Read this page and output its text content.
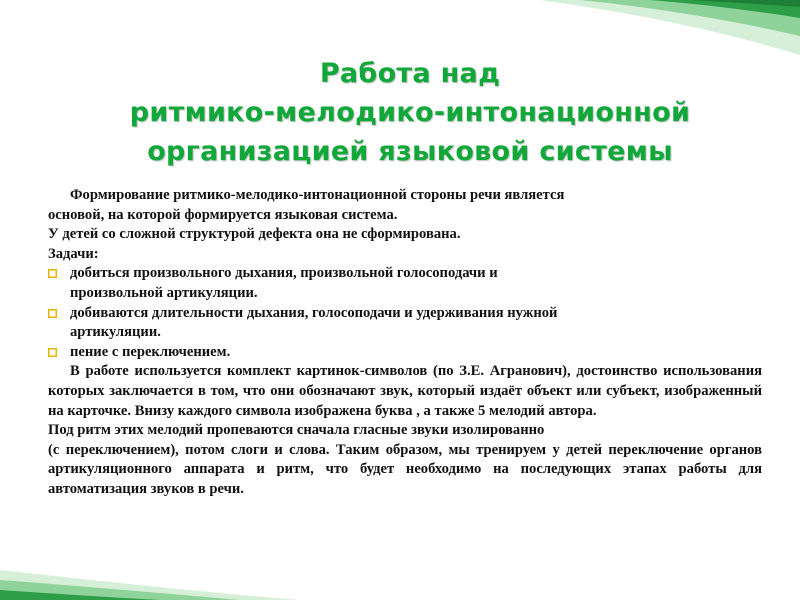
Работа над
ритмико-мелодико-интонационной
организацией языковой системы

Формирование ритмико-мелодико-интонационной стороны речи является

основой, на которой формируется языковая система.

У детей со сложной структурой дефекта она не сформирована.

Задачи:

добиться произвольного дыхания, произвольной голосоподачи и
произвольной артикуляции.
добиваются длительности дыхания, голосоподачи и удерживания нужной
артикуляции.
пение с переключением.

В работе используется комплект картинок-символов (по З.Е. Агранович), достоинство использования которых заключается в том, что они обозначают звук, который издаёт объект или субъект, изображенный на карточке. Внизу каждого символа изображена буква , а также 5 мелодий автора.

Под ритм этих мелодий пропеваются сначала гласные звуки изолированно

(с переключением), потом слоги и слова. Таким образом, мы тренируем у детей переключение органов артикуляционного аппарата и ритм, что будет необходимо на последующих этапах работы для автоматизация звуков в речи.
